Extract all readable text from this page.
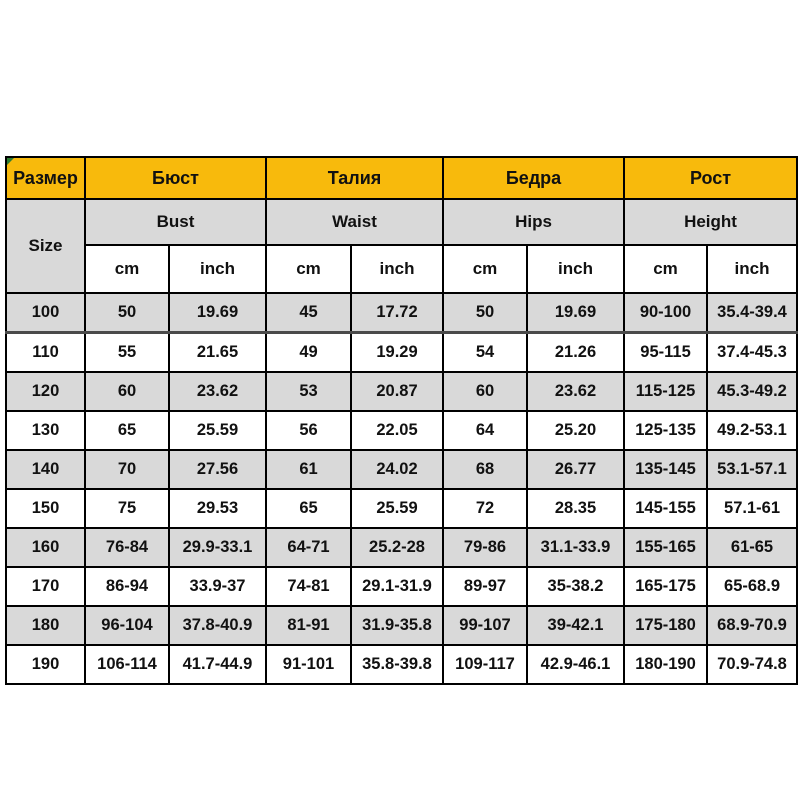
Размер	Бюст		Талия		Бедра		Рост	
Size	Bust		Waist		Hips		Height	
	cm	inch	cm	inch	cm	inch	cm	inch
100	50	19.69	45	17.72	50	19.69	90-100	35.4-39.4
110	55	21.65	49	19.29	54	21.26	95-115	37.4-45.3
120	60	23.62	53	20.87	60	23.62	115-125	45.3-49.2
130	65	25.59	56	22.05	64	25.20	125-135	49.2-53.1
140	70	27.56	61	24.02	68	26.77	135-145	53.1-57.1
150	75	29.53	65	25.59	72	28.35	145-155	57.1-61
160	76-84	29.9-33.1	64-71	25.2-28	79-86	31.1-33.9	155-165	61-65
170	86-94	33.9-37	74-81	29.1-31.9	89-97	35-38.2	165-175	65-68.9
180	96-104	37.8-40.9	81-91	31.9-35.8	99-107	39-42.1	175-180	68.9-70.9
190	106-114	41.7-44.9	91-101	35.8-39.8	109-117	42.9-46.1	180-190	70.9-74.8
